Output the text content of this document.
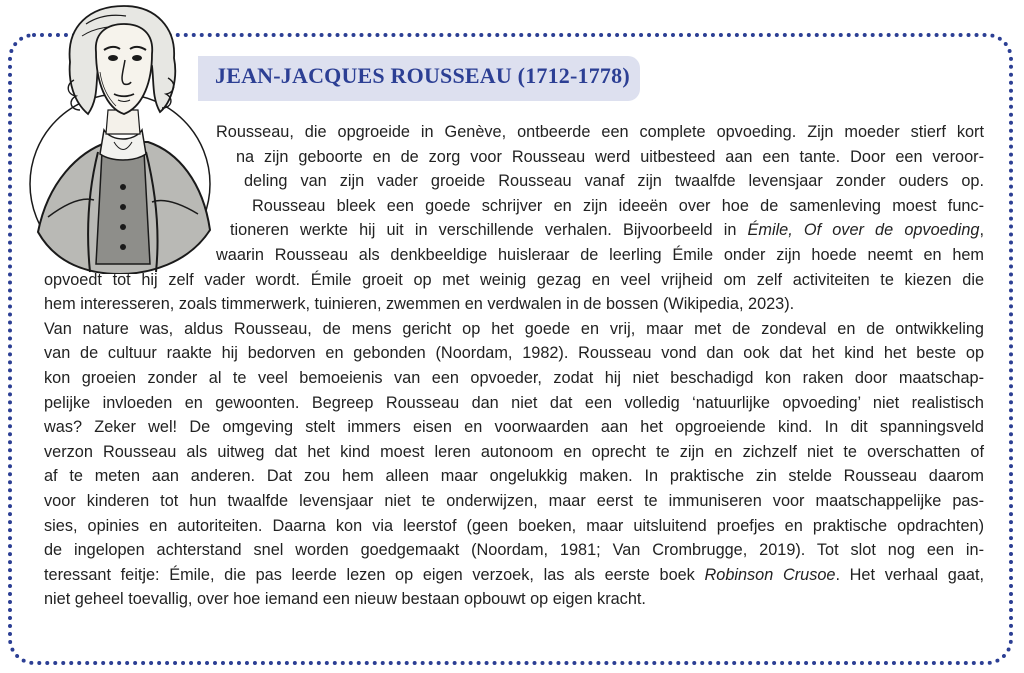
JEAN-JACQUES ROUSSEAU (1712-1778)
Rousseau, die opgroeide in Genève, ontbeerde een complete opvoeding. Zijn moeder stierf kort
na zijn geboorte en de zorg voor Rousseau werd uitbesteed aan een tante. Door een veroor-
deling van zijn vader groeide Rousseau vanaf zijn twaalfde levensjaar zonder ouders op.
Rousseau bleek een goede schrijver en zijn ideeën over hoe de samenleving moest func-
tioneren werkte hij uit in verschillende verhalen. Bijvoorbeeld in Émile, Of over de opvoeding,
waarin Rousseau als denkbeeldige huisleraar de leerling Émile onder zijn hoede neemt en hem
opvoedt tot hij zelf vader wordt. Émile groeit op met weinig gezag en veel vrijheid om zelf activiteiten te kiezen die
hem interesseren, zoals timmerwerk, tuinieren, zwemmen en verdwalen in de bossen (Wikipedia, 2023).
Van nature was, aldus Rousseau, de mens gericht op het goede en vrij, maar met de zondeval en de ontwikkeling
van de cultuur raakte hij bedorven en gebonden (Noordam, 1982). Rousseau vond dan ook dat het kind het beste op
kon groeien zonder al te veel bemoeienis van een opvoeder, zodat hij niet beschadigd kon raken door maatschap-
pelijke invloeden en gewoonten. Begreep Rousseau dan niet dat een volledig ‘natuurlijke opvoeding’ niet realistisch
was? Zeker wel! De omgeving stelt immers eisen en voorwaarden aan het opgroeiende kind. In dit spanningsveld
verzon Rousseau als uitweg dat het kind moest leren autonoom en oprecht te zijn en zichzelf niet te overschatten of
af te meten aan anderen. Dat zou hem alleen maar ongelukkig maken. In praktische zin stelde Rousseau daarom
voor kinderen tot hun twaalfde levensjaar niet te onderwijzen, maar eerst te immuniseren voor maatschappelijke pas-
sies, opinies en autoriteiten. Daarna kon via leerstof (geen boeken, maar uitsluitend proefjes en praktische opdrachten)
de ingelopen achterstand snel worden goedgemaakt (Noordam, 1981; Van Crombrugge, 2019). Tot slot nog een in-
teressant feitje: Émile, die pas leerde lezen op eigen verzoek, las als eerste boek Robinson Crusoe. Het verhaal gaat,
niet geheel toevallig, over hoe iemand een nieuw bestaan opbouwt op eigen kracht.
